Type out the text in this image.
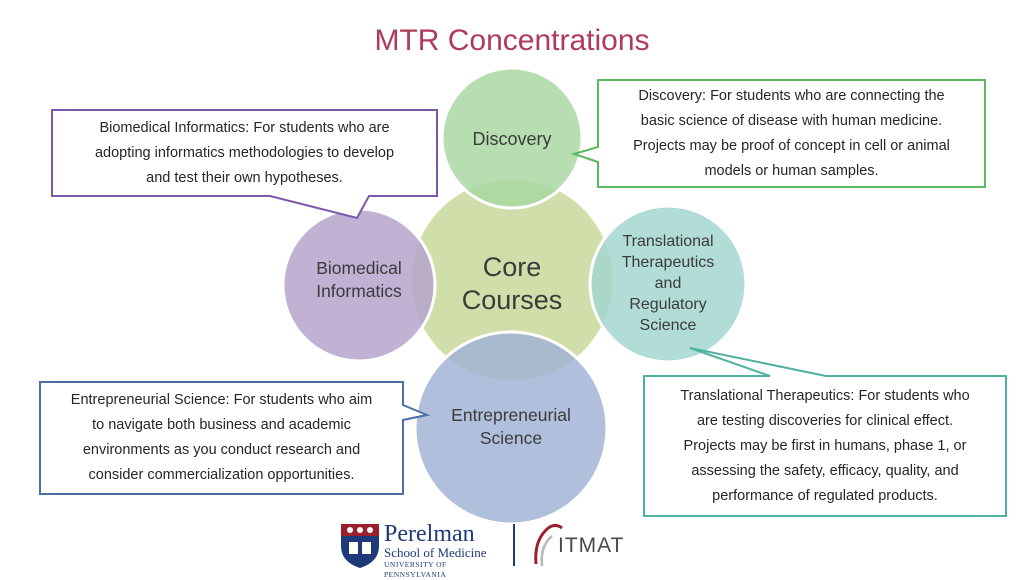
MTR Concentrations
Discovery
Core
Courses
Biomedical
Informatics
Translational
Therapeutics
and
Regulatory
Science
Entrepreneurial
Science
Discovery: For students who are connecting the
basic science of disease with human medicine.
Projects may be proof of concept in cell or animal
models or human samples.
Biomedical Informatics: For students who are
adopting informatics methodologies to develop
and test their own hypotheses.
Translational Therapeutics: For students who
are testing discoveries for clinical effect.
Projects may be first in humans, phase 1, or
assessing the safety, efficacy, quality, and
performance of regulated products.
Entrepreneurial Science: For students who aim
to navigate both business and academic
environments as you conduct research and
consider commercialization opportunities.
Perelman
School of Medicine
UNIVERSITY OF PENNSYLVANIA
ITMAT
